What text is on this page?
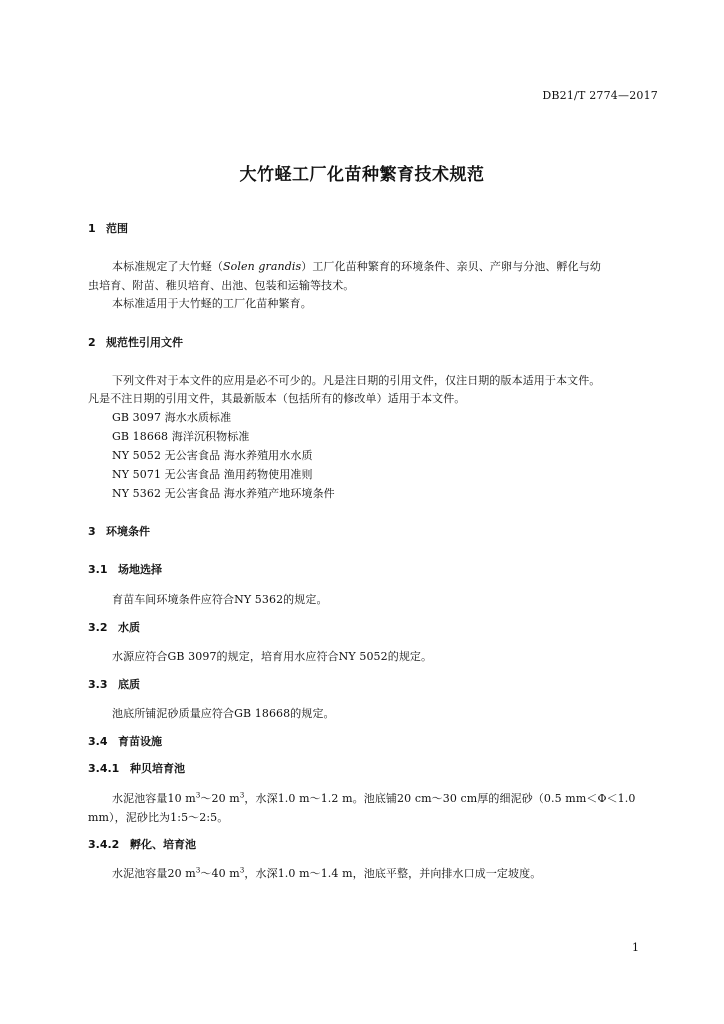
DB21/T 2774—2017
大竹蛏工厂化苗种繁育技术规范
1 范围
本标准规定了大竹蛏（Solen grandis）工厂化苗种繁育的环境条件、亲贝、产卵与分池、孵化与幼
虫培育、附苗、稚贝培育、出池、包装和运输等技术。
本标准适用于大竹蛏的工厂化苗种繁育。
2 规范性引用文件
下列文件对于本文件的应用是必不可少的。凡是注日期的引用文件，仅注日期的版本适用于本文件。
凡是不注日期的引用文件，其最新版本（包括所有的修改单）适用于本文件。
GB 3097 海水水质标准
GB 18668 海洋沉积物标准
NY 5052 无公害食品 海水养殖用水水质
NY 5071 无公害食品 渔用药物使用准则
NY 5362 无公害食品 海水养殖产地环境条件
3 环境条件
3.1 场地选择
育苗车间环境条件应符合NY 5362的规定。
3.2 水质
水源应符合GB 3097的规定，培育用水应符合NY 5052的规定。
3.3 底质
池底所铺泥砂质量应符合GB 18668的规定。
3.4 育苗设施
3.4.1 种贝培育池
水泥池容量10 $m^3\sim 20$ $m^3$，水深1.0 m～1.2 m。池底铺20 cm～30 cm厚的细泥砂（0.5 mm＜Φ＜1.0
mm），泥砂比为1:5～2:5。
3.4.2 孵化、培育池
水泥池容量20 $m^3\sim 40$ $m^3$，水深1.0 m～1.4 m，池底平整，并向排水口成一定坡度。
1
